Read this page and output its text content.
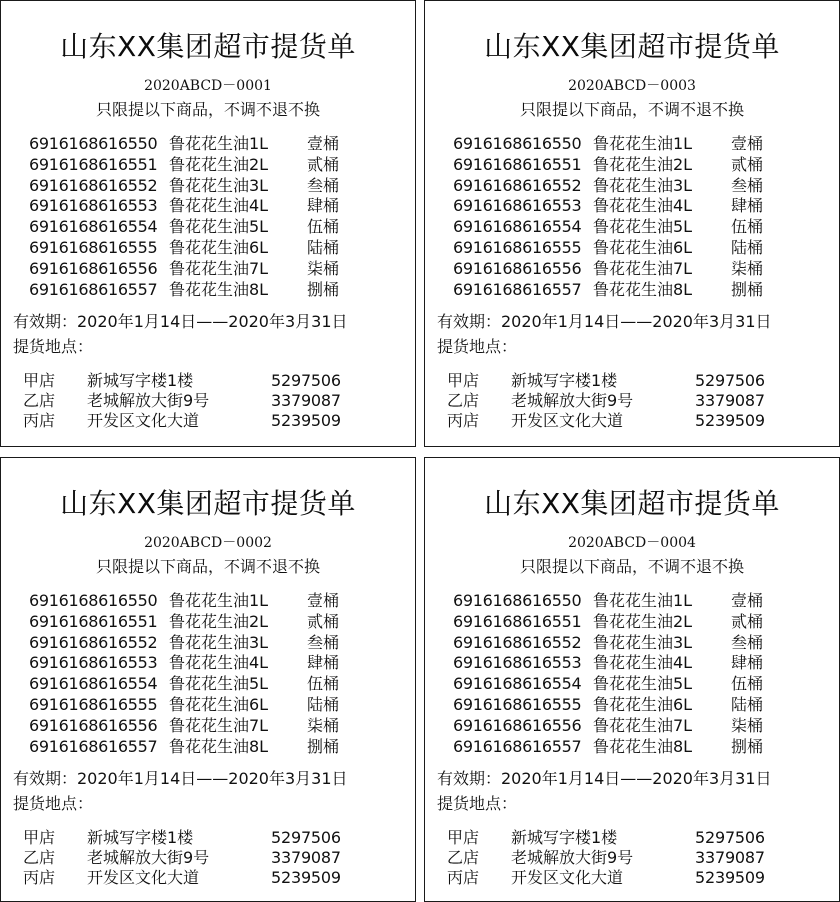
山东XX集团超市提货单
2020ABCD－0001
只限提以下商品，不调不退不换
6916168616550 鲁花花生油1L 壹桶
6916168616551 鲁花花生油2L 贰桶
6916168616552 鲁花花生油3L 叁桶
6916168616553 鲁花花生油4L 肆桶
6916168616554 鲁花花生油5L 伍桶
6916168616555 鲁花花生油6L 陆桶
6916168616556 鲁花花生油7L 柒桶
6916168616557 鲁花花生油8L 捌桶
有效期：2020年1月14日——2020年3月31日
提货地点：
甲店 新城写字楼1楼	5297506
乙店 老城解放大街9号	3379087
丙店 开发区文化大道	5239509
山东XX集团超市提货单
2020ABCD－0003
只限提以下商品，不调不退不换
6916168616550 鲁花花生油1L 壹桶
6916168616551 鲁花花生油2L 贰桶
6916168616552 鲁花花生油3L 叁桶
6916168616553 鲁花花生油4L 肆桶
6916168616554 鲁花花生油5L 伍桶
6916168616555 鲁花花生油6L 陆桶
6916168616556 鲁花花生油7L 柒桶
6916168616557 鲁花花生油8L 捌桶
有效期：2020年1月14日——2020年3月31日
提货地点：
甲店 新城写字楼1楼	5297506
乙店 老城解放大街9号	3379087
丙店 开发区文化大道	5239509
山东XX集团超市提货单
2020ABCD－0002
只限提以下商品，不调不退不换
6916168616550 鲁花花生油1L 壹桶
6916168616551 鲁花花生油2L 贰桶
6916168616552 鲁花花生油3L 叁桶
6916168616553 鲁花花生油4L 肆桶
6916168616554 鲁花花生油5L 伍桶
6916168616555 鲁花花生油6L 陆桶
6916168616556 鲁花花生油7L 柒桶
6916168616557 鲁花花生油8L 捌桶
有效期：2020年1月14日——2020年3月31日
提货地点：
甲店 新城写字楼1楼	5297506
乙店 老城解放大街9号	3379087
丙店 开发区文化大道	5239509
山东XX集团超市提货单
2020ABCD－0004
只限提以下商品，不调不退不换
6916168616550 鲁花花生油1L 壹桶
6916168616551 鲁花花生油2L 贰桶
6916168616552 鲁花花生油3L 叁桶
6916168616553 鲁花花生油4L 肆桶
6916168616554 鲁花花生油5L 伍桶
6916168616555 鲁花花生油6L 陆桶
6916168616556 鲁花花生油7L 柒桶
6916168616557 鲁花花生油8L 捌桶
有效期：2020年1月14日——2020年3月31日
提货地点：
甲店 新城写字楼1楼	5297506
乙店 老城解放大街9号	3379087
丙店 开发区文化大道	5239509
